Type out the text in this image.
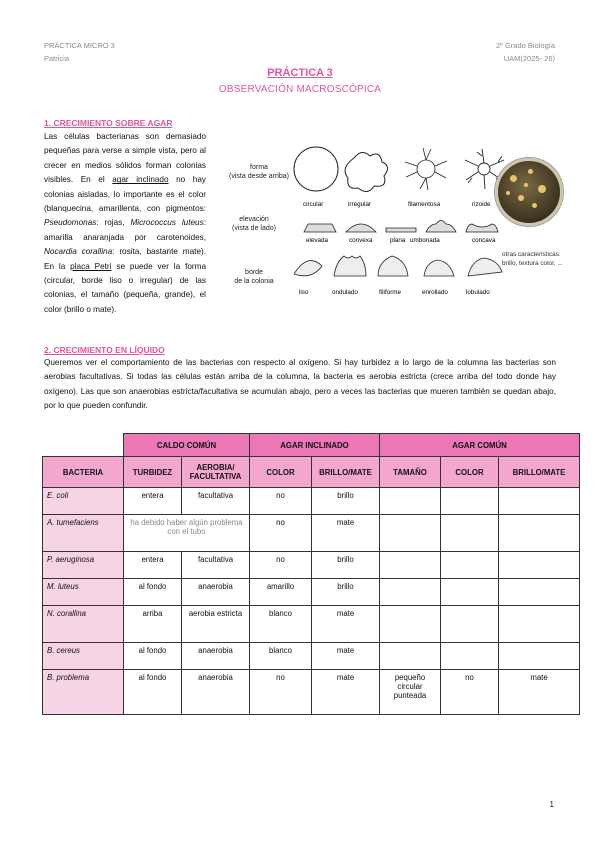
PRÁCTICA MICRO 3
Patricia
2º Grado Biología
UAM(2025- 26)
PRÁCTICA 3
OBSERVACIÓN MACROSCÓPICA
1. CRECIMIENTO SOBRE AGAR
Las células bacterianas son demasiado pequeñas para verse a simple vista, pero al crecer en medios sólidos forman colonias visibles. En el agar inclinado no hay colonias aisladas, lo importante es el color (blanquecina, amarillenta, con pigmentos: Pseudomonas: rojas, Micrococcus luteus: amarilla anaranjada por carotenoides, Nocardia corallina: rosita, bastante mate). En la placa Petri se puede ver la forma (circular, borde liso o irregular) de las colonias, el tamaño (pequeña, grande), el color (brillo o mate).
forma
(vista desde arriba)
elevación
(vista de lado)
borde
de la colonia
circular	irregular	filamentosa	rizoide
elevada	convexa	plana umbonada	concava
liso	ondulado	filiforme	enrollado	lobulado
otras caracteristicas:
brillo, textura color, ...
2. CRECIMIENTO EN LÍQUIDO
Queremos ver el comportamiento de las bacterias con respecto al oxígeno. Si hay turbidez a lo largo de la columna las bacterias son aerobias facultativas. Si todas las células están arriba de la columna, la bacteria es aerobia estricta (crece arriba del todo donde hay oxígeno). Las que son anaerobias estricta/facultativa se acumulan abajo, pero a veces las bacterias que mueren también se quedan abajo, por lo que pueden confundir.
	CALDO COMÚN		AGAR INCLINADO		AGAR COMÚN		
BACTERIA	TURBIDEZ	AEROBIA/ FACULTATIVA	COLOR	BRILLO/MATE	TAMAÑO	COLOR	BRILLO/MATE
E. coli	entera	facultativa	no	brillo			
A. tumefaciens	ha debido haber algún problema con el tubo		no	mate			
P. aeruginosa	entera	facultativa	no	brillo			
M. luteus	al fondo	anaerobia	amarillo	brillo			
N. corallina	arriba	aerobia estricta	blanco	mate			
B. cereus	al fondo	anaerobia	blanco	mate			
B. problema	al fondo	anaerobia	no	mate	pequeño circular punteada	no	mate
1
